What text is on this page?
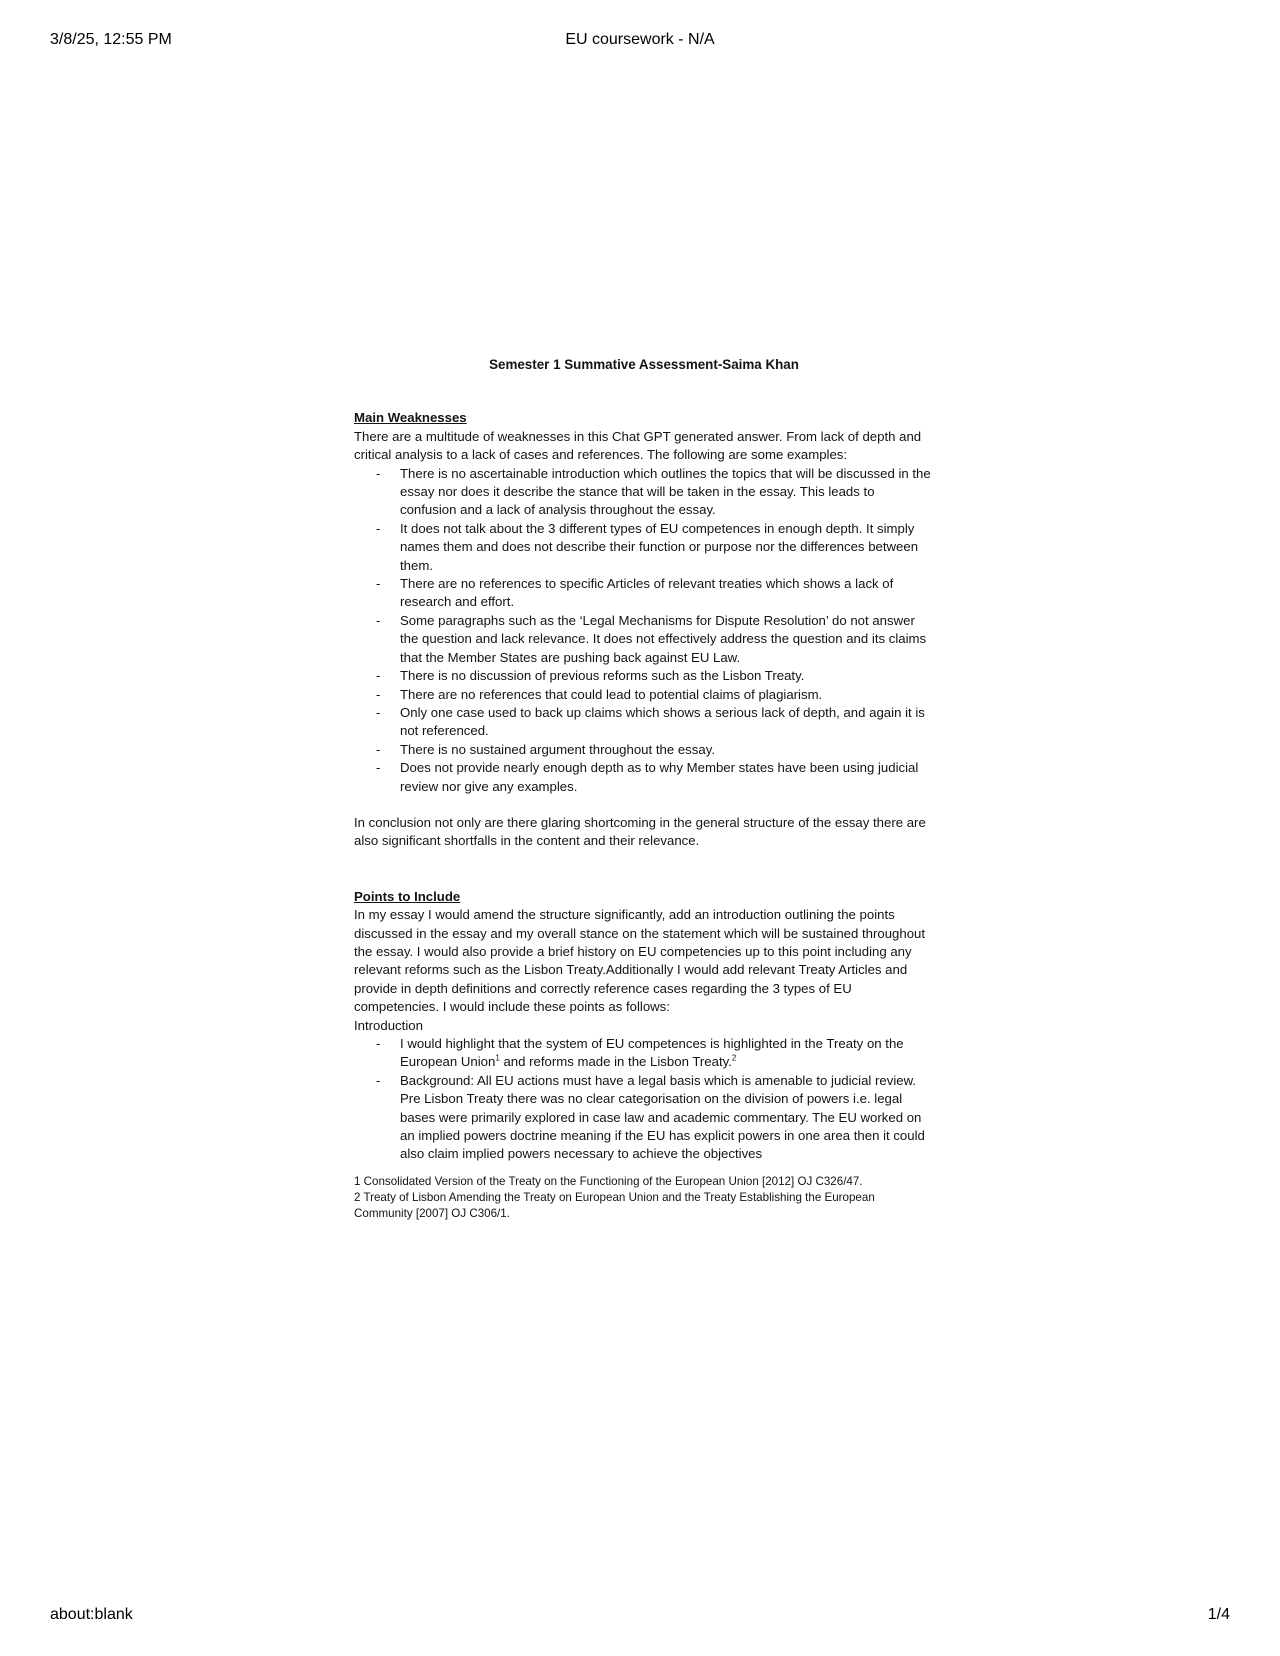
3/8/25, 12:55 PM	EU coursework - N/A

Semester 1 Summative Assessment-Saima Khan

Main Weaknesses

There are a multitude of weaknesses in this Chat GPT generated answer. From lack of depth and critical analysis to a lack of cases and references. The following are some examples:

- There is no ascertainable introduction which outlines the topics that will be discussed in the essay nor does it describe the stance that will be taken in the essay. This leads to confusion and a lack of analysis throughout the essay.
- It does not talk about the 3 different types of EU competences in enough depth. It simply names them and does not describe their function or purpose nor the differences between them.
- There are no references to specific Articles of relevant treaties which shows a lack of research and effort.
- Some paragraphs such as the ‘Legal Mechanisms for Dispute Resolution’ do not answer the question and lack relevance. It does not effectively address the question and its claims that the Member States are pushing back against EU Law.
- There is no discussion of previous reforms such as the Lisbon Treaty.
- There are no references that could lead to potential claims of plagiarism.
- Only one case used to back up claims which shows a serious lack of depth, and again it is not referenced.
- There is no sustained argument throughout the essay.
- Does not provide nearly enough depth as to why Member states have been using judicial review nor give any examples.

In conclusion not only are there glaring shortcoming in the general structure of the essay there are also significant shortfalls in the content and their relevance.

Points to Include

In my essay I would amend the structure significantly, add an introduction outlining the points discussed in the essay and my overall stance on the statement which will be sustained throughout the essay. I would also provide a brief history on EU competencies up to this point including any relevant reforms such as the Lisbon Treaty.Additionally I would add relevant Treaty Articles and provide in depth definitions and correctly reference cases regarding the 3 types of EU competencies. I would include these points as follows:

Introduction

- I would highlight that the system of EU competences is highlighted in the Treaty on the European Union$^1$ and reforms made in the Lisbon Treaty.$^2$
- Background: All EU actions must have a legal basis which is amenable to judicial review. Pre Lisbon Treaty there was no clear categorisation on the division of powers i.e. legal bases were primarily explored in case law and academic commentary. The EU worked on an implied powers doctrine meaning if the EU has explicit powers in one area then it could also claim implied powers necessary to achieve the objectives

1 Consolidated Version of the Treaty on the Functioning of the European Union [2012] OJ C326/47.

2 Treaty of Lisbon Amending the Treaty on European Union and the Treaty Establishing the European Community [2007] OJ C306/1.

about:blank	1/4
